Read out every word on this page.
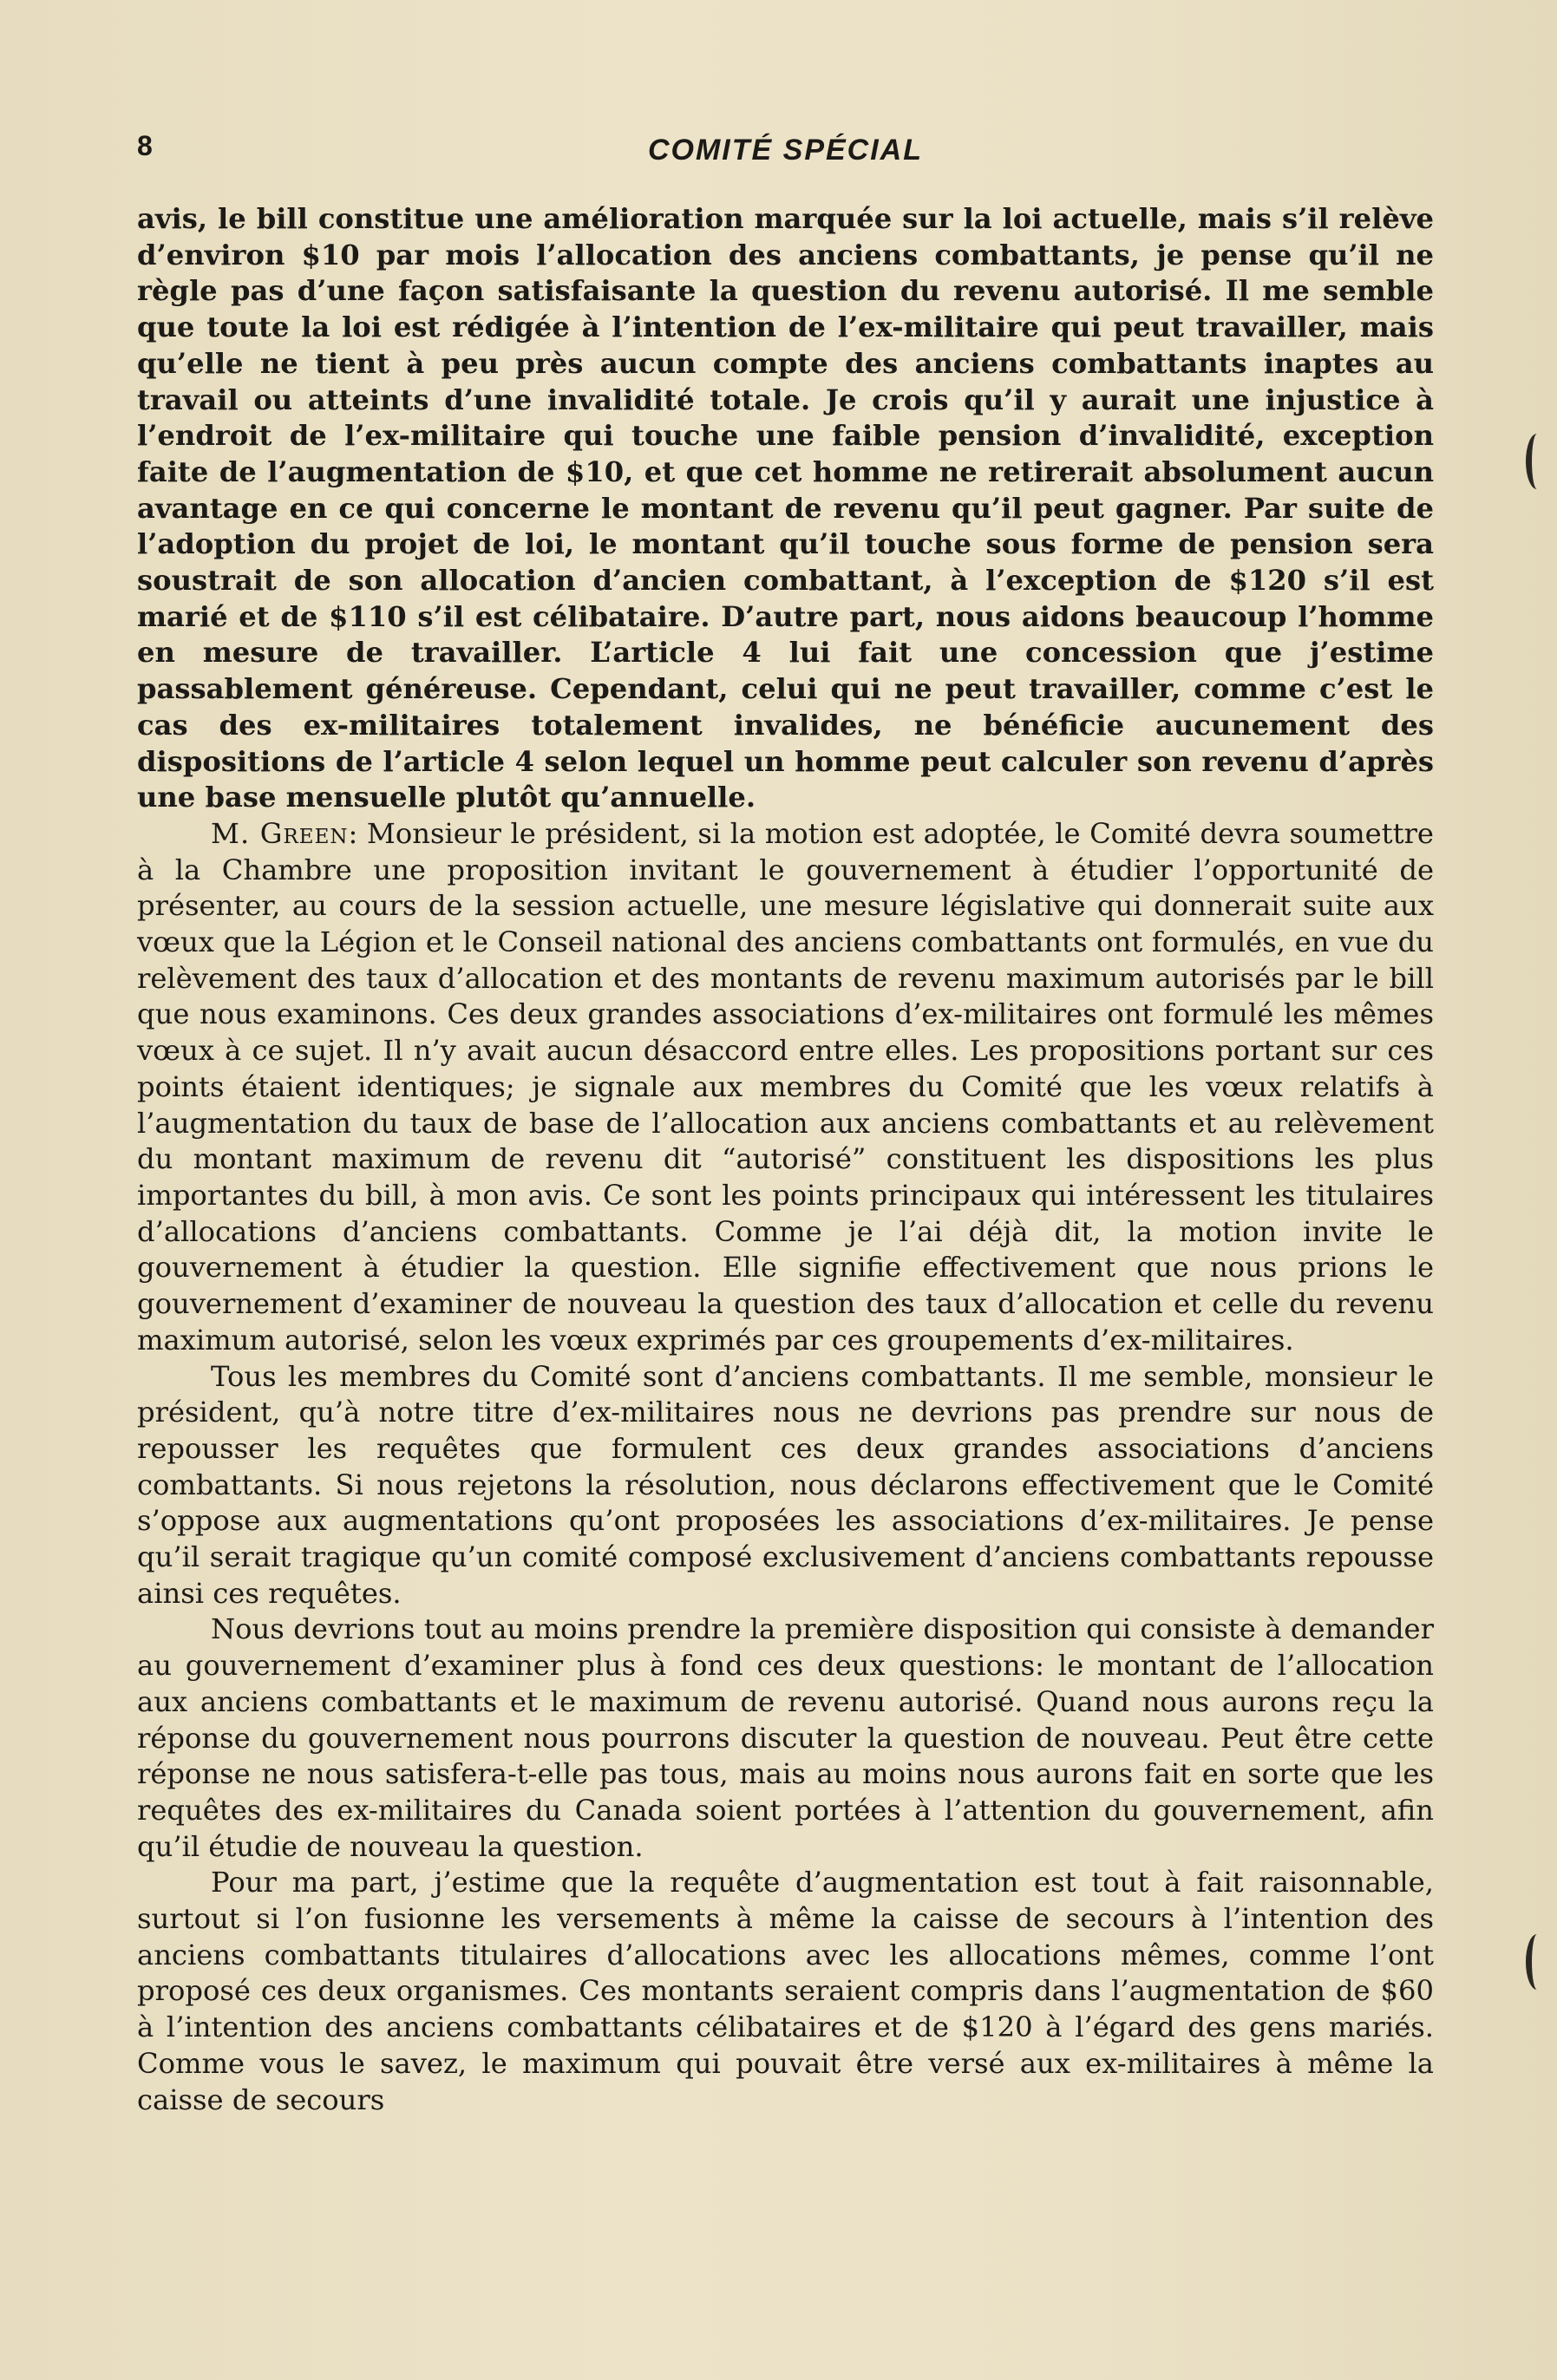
8	COMITÉ SPÉCIAL

avis, le bill constitue une amélioration marquée sur la loi actuelle, mais s’il relève d’environ $10 par mois l’allocation des anciens combattants, je pense qu’il ne règle pas d’une façon satisfaisante la question du revenu autorisé. Il me semble que toute la loi est rédigée à l’intention de l’ex-militaire qui peut travailler, mais qu’elle ne tient à peu près aucun compte des anciens combattants inaptes au travail ou atteints d’une invalidité totale. Je crois qu’il y aurait une injustice à l’endroit de l’ex-militaire qui touche une faible pension d’invalidité, exception faite de l’augmentation de $10, et que cet homme ne retirerait absolument aucun avantage en ce qui concerne le montant de revenu qu’il peut gagner. Par suite de l’adoption du projet de loi, le montant qu’il touche sous forme de pension sera soustrait de son allocation d’ancien combattant, à l’exception de $120 s’il est marié et de $110 s’il est célibataire. D’autre part, nous aidons beaucoup l’homme en mesure de travailler. L’article 4 lui fait une concession que j’estime passablement généreuse. Cependant, celui qui ne peut travailler, comme c’est le cas des ex-militaires totalement invalides, ne bénéficie aucunement des dispositions de l’article 4 selon lequel un homme peut calculer son revenu d’après une base mensuelle plutôt qu’annuelle.

M. Green: Monsieur le président, si la motion est adoptée, le Comité devra soumettre à la Chambre une proposition invitant le gouvernement à étudier l’opportunité de présenter, au cours de la session actuelle, une mesure législative qui donnerait suite aux vœux que la Légion et le Conseil national des anciens combattants ont formulés, en vue du relèvement des taux d’allocation et des montants de revenu maximum autorisés par le bill que nous examinons. Ces deux grandes associations d’ex-militaires ont formulé les mêmes vœux à ce sujet. Il n’y avait aucun désaccord entre elles. Les propositions portant sur ces points étaient identiques; je signale aux membres du Comité que les vœux relatifs à l’augmentation du taux de base de l’allocation aux anciens combattants et au relèvement du montant maximum de revenu dit “autorisé” constituent les dispositions les plus importantes du bill, à mon avis. Ce sont les points principaux qui intéressent les titulaires d’allocations d’anciens combattants. Comme je l’ai déjà dit, la motion invite le gouvernement à étudier la question. Elle signifie effectivement que nous prions le gouvernement d’examiner de nouveau la question des taux d’allocation et celle du revenu maximum autorisé, selon les vœux exprimés par ces groupements d’ex-militaires.

Tous les membres du Comité sont d’anciens combattants. Il me semble, monsieur le président, qu’à notre titre d’ex-militaires nous ne devrions pas prendre sur nous de repousser les requêtes que formulent ces deux grandes associations d’anciens combattants. Si nous rejetons la résolution, nous déclarons effectivement que le Comité s’oppose aux augmentations qu’ont proposées les associations d’ex-militaires. Je pense qu’il serait tragique qu’un comité composé exclusivement d’anciens combattants repousse ainsi ces requêtes.

Nous devrions tout au moins prendre la première disposition qui consiste à demander au gouvernement d’examiner plus à fond ces deux questions: le montant de l’allocation aux anciens combattants et le maximum de revenu autorisé. Quand nous aurons reçu la réponse du gouvernement nous pourrons discuter la question de nouveau. Peut être cette réponse ne nous satisfera-t-elle pas tous, mais au moins nous aurons fait en sorte que les requêtes des ex-militaires du Canada soient portées à l’attention du gouvernement, afin qu’il étudie de nouveau la question.

Pour ma part, j’estime que la requête d’augmentation est tout à fait raisonnable, surtout si l’on fusionne les versements à même la caisse de secours à l’intention des anciens combattants titulaires d’allocations avec les allocations mêmes, comme l’ont proposé ces deux organismes. Ces montants seraient compris dans l’augmentation de $60 à l’intention des anciens combattants célibataires et de $120 à l’égard des gens mariés. Comme vous le savez, le maximum qui pouvait être versé aux ex-militaires à même la caisse de secours
